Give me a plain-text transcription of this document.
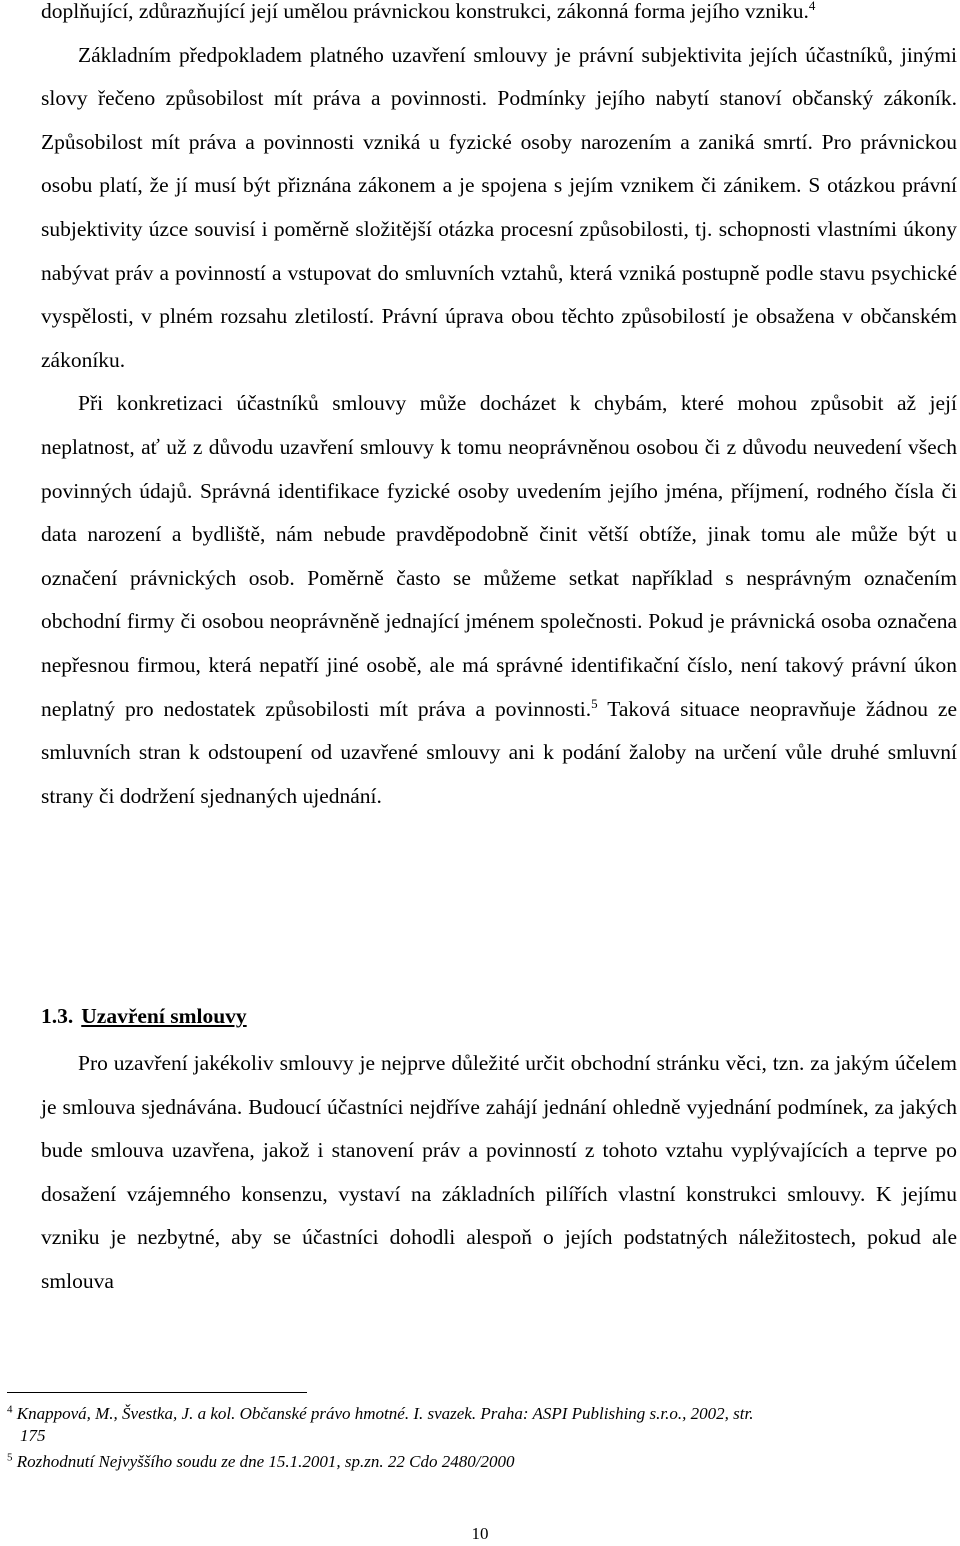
doplňující, zdůrazňující její umělou právnickou konstrukci, zákonná forma jejího vzniku.$^4$

Základním předpokladem platného uzavření smlouvy je právní subjektivita jejích účastníků, jinými slovy řečeno způsobilost mít práva a povinnosti. Podmínky jejího nabytí stanoví občanský zákoník. Způsobilost mít práva a povinnosti vzniká u fyzické osoby narozením a zaniká smrtí. Pro právnickou osobu platí, že jí musí být přiznána zákonem a je spojena s jejím vznikem či zánikem. S otázkou právní subjektivity úzce souvisí i poměrně složitější otázka procesní způsobilosti, tj. schopnosti vlastními úkony nabývat práv a povinností a vstupovat do smluvních vztahů, která vzniká postupně podle stavu psychické vyspělosti, v plném rozsahu zletilostí. Právní úprava obou těchto způsobilostí je obsažena v občanském zákoníku.

Při konkretizaci účastníků smlouvy může docházet k chybám, které mohou způsobit až její neplatnost, ať už z důvodu uzavření smlouvy k tomu neoprávněnou osobou či z důvodu neuvedení všech povinných údajů. Správná identifikace fyzické osoby uvedením jejího jména, příjmení, rodného čísla či data narození a bydliště, nám nebude pravděpodobně činit větší obtíže, jinak tomu ale může být u označení právnických osob. Poměrně často se můžeme setkat například s nesprávným označením obchodní firmy či osobou neoprávněně jednající jménem společnosti. Pokud je právnická osoba označena nepřesnou firmou, která nepatří jiné osobě, ale má správné identifikační číslo, není takový právní úkon neplatný pro nedostatek způsobilosti mít práva a povinnosti.$^5$ Taková situace neopravňuje žádnou ze smluvních stran k odstoupení od uzavřené smlouvy ani k podání žaloby na určení vůle druhé smluvní strany či dodržení sjednaných ujednání.

1.3. Uzavření smlouvy

Pro uzavření jakékoliv smlouvy je nejprve důležité určit obchodní stránku věci, tzn. za jakým účelem je smlouva sjednávána. Budoucí účastníci nejdříve zahájí jednání ohledně vyjednání podmínek, za jakých bude smlouva uzavřena, jakož i stanovení práv a povinností z tohoto vztahu vyplývajících a teprve po dosažení vzájemného konsenzu, vystaví na základních pilířích vlastní konstrukci smlouvy. K jejímu vzniku je nezbytné, aby se účastníci dohodli alespoň o jejích podstatných náležitostech, pokud ale smlouva

$^4$ Knappová, M., Švestka, J. a kol. Občanské právo hmotné. I. svazek. Praha: ASPI Publishing s.r.o., 2002, str.
175

$^5$ Rozhodnutí Nejvyššího soudu ze dne 15.1.2001, sp.zn. 22 Cdo 2480/2000

10
